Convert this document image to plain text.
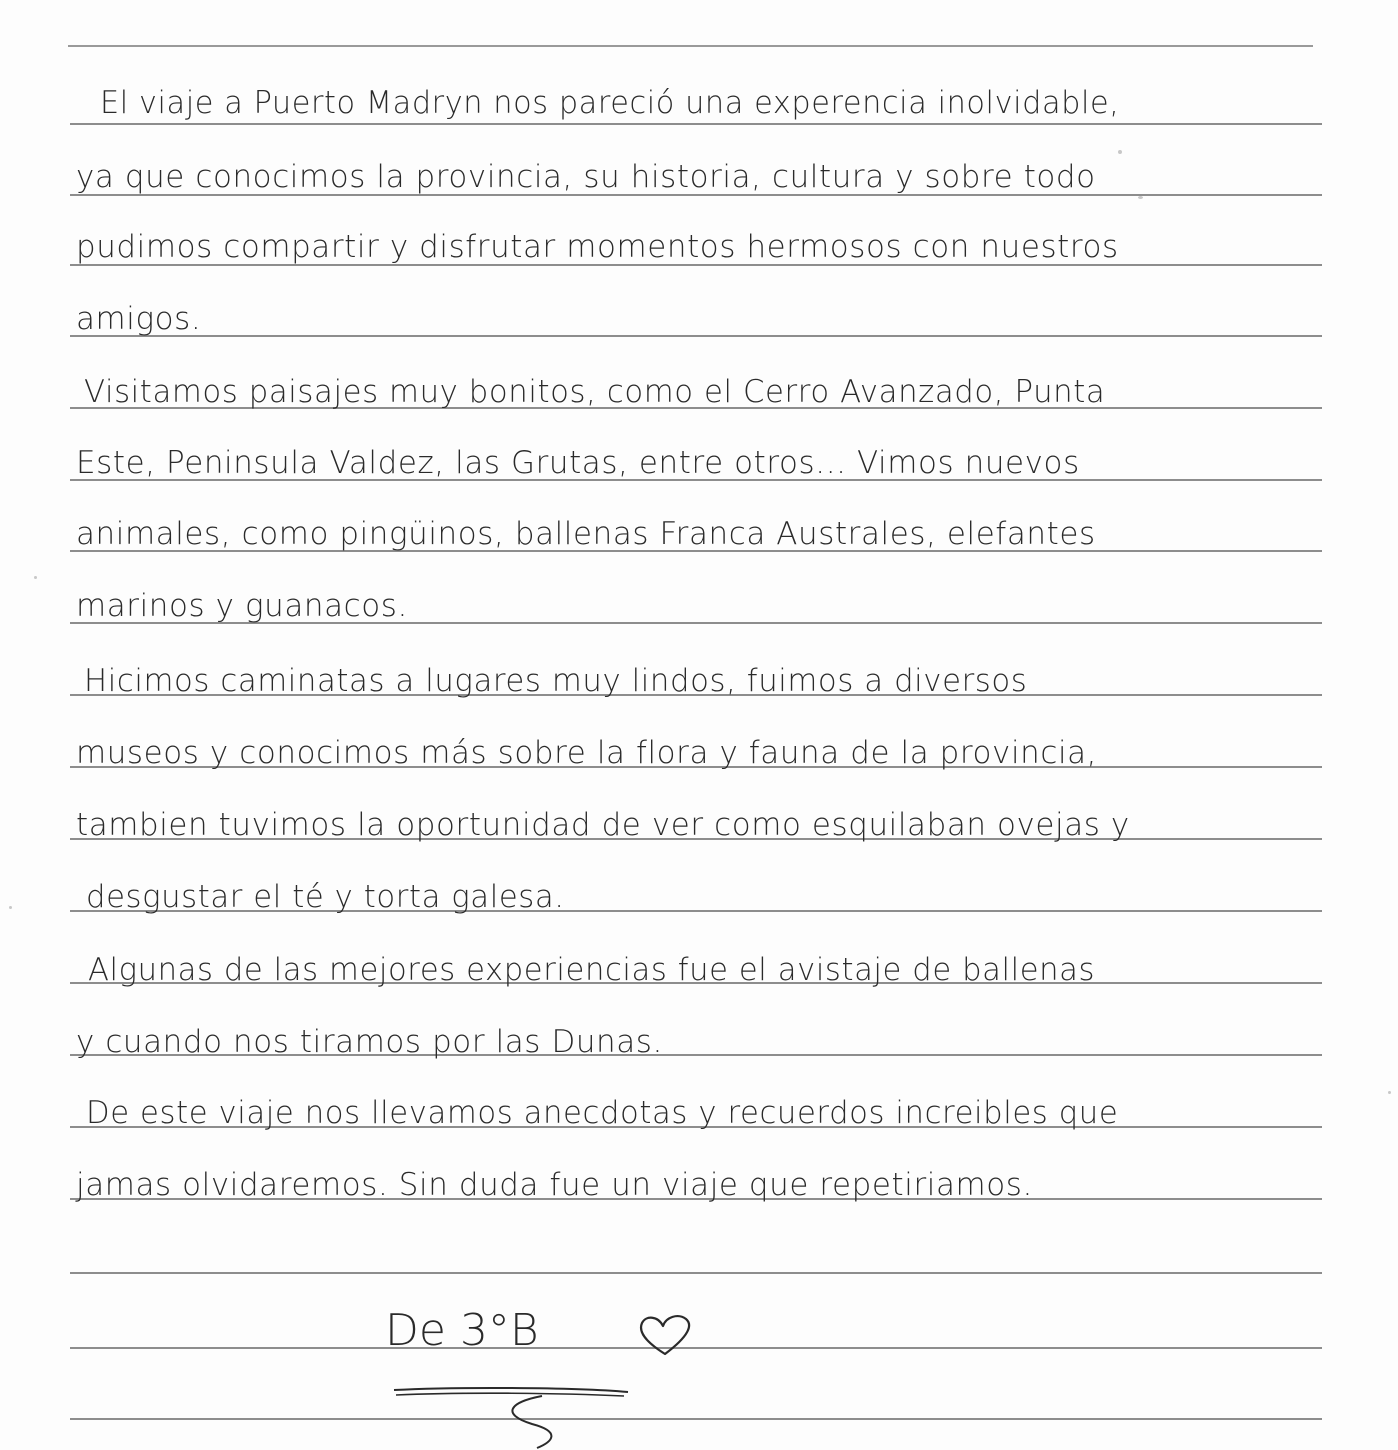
El viaje a Puerto Madryn nos pareció una experencia inolvidable,
ya que conocimos la provincia, su historia, cultura y sobre todo
pudimos compartir y disfrutar momentos hermosos con nuestros
amigos.
Visitamos paisajes muy bonitos, como el Cerro Avanzado, Punta
Este, Peninsula Valdez, las Grutas, entre otros... Vimos nuevos
animales, como pingüinos, ballenas Franca Australes, elefantes
marinos y guanacos.
Hicimos caminatas a lugares muy lindos, fuimos a diversos
museos y conocimos más sobre la flora y fauna de la provincia,
tambien tuvimos la oportunidad de ver como esquilaban ovejas y
desgustar el té y torta galesa.
Algunas de las mejores experiencias fue el avistaje de ballenas
y cuando nos tiramos por las Dunas.
De este viaje nos llevamos anecdotas y recuerdos increibles que
jamas olvidaremos. Sin duda fue un viaje que repetiriamos.
De 3°B
